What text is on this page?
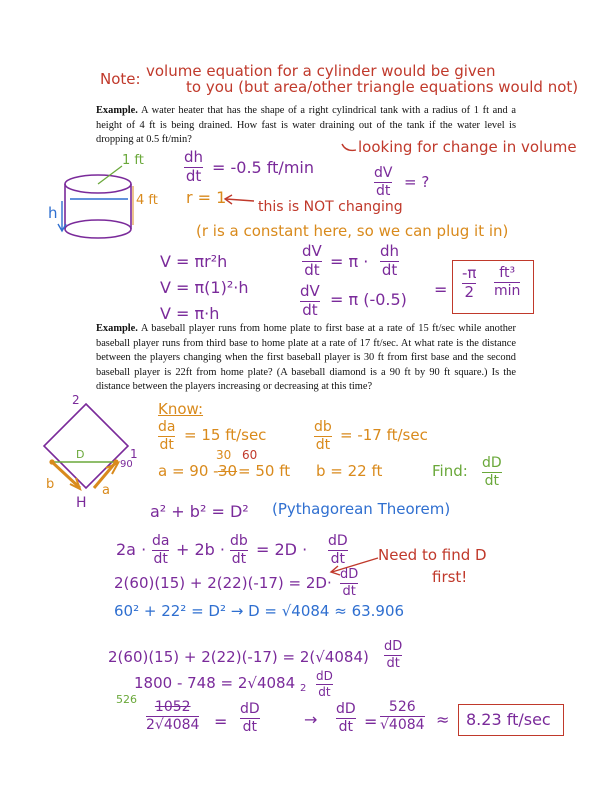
Note: volume equation for a cylinder would be given
to you (but area/other triangle equations would not)
Example. A water heater that has the shape of a right cylindrical tank with a radius of 1 ft and a height of 4 ft is being drained. How fast is water draining out of the tank if the water level is dropping at 0.5 ft/min?	looking for change in volume
1 ft
4 ft
h
dh
dt = -0.5 ft/min	dV
dt = ?
r = 1 this is NOT changing
(r is a constant here, so we can plug it in)
V = πr²h
V = π(1)²·h
V = π·h
dV
dt = π ·
dh
dt
dV
dt
= π (-0.5)
=
-π
2
ft³
min
Example. A baseball player runs from home plate to first base at a rate of 15 ft/sec while another baseball player runs from third base to home plate at a rate of 17 ft/sec. At what rate is the distance between the players changing when the first baseball player is 30 ft from first base and the second baseball player is 22ft from home plate? (A baseball diamond is a 90 ft by 90 ft square.) Is the distance between the players increasing or decreasing at this time?
2
1
D
90
b	a
H
Know:
da
dt
= 15 ft/sec	db
dt
= -17 ft/sec
a = 90 - 30
30 60
= 50 ft b = 22 ft	Find: dD
dt
a² + b² = D² (Pythagorean Theorem)
2a · da
dt + 2b · db
dt = 2D · dD
dt Need to find D
first!
2(60)(15) + 2(22)(-17) = 2D· dD
dt
60² + 22² = D² → D = √4084 ≈ 63.906
2(60)(15) + 2(22)(-17) = 2(√4084)
dD
dt
1800 - 748 = 2√4084 2
dD
dt
526 1052
2√4084 =
dD
dt	→
dD
dt =
526
√4084 ≈ 8.23 ft/sec
